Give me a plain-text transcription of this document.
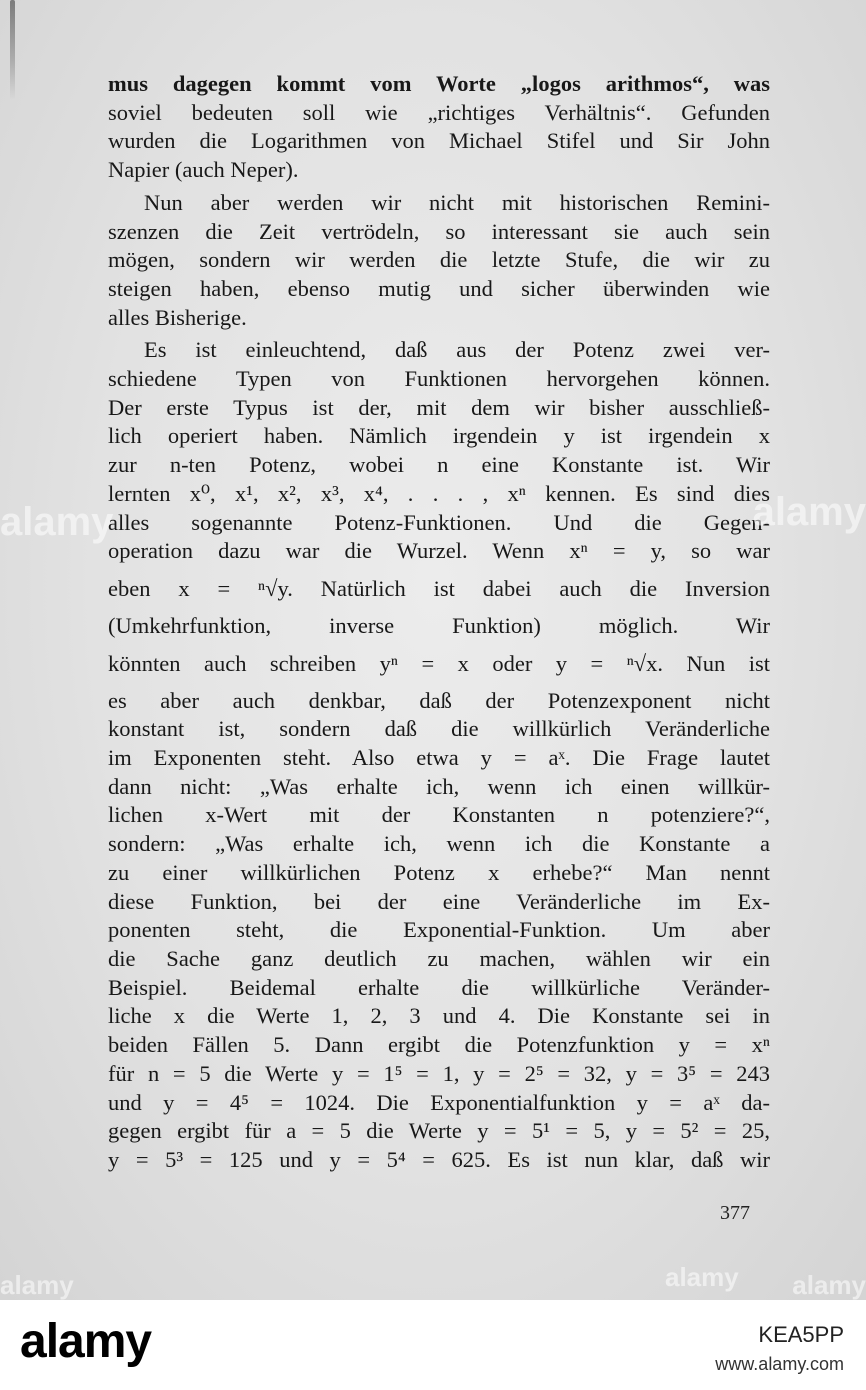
mus dagegen kommt vom Worte „logos arithmos“, was
soviel bedeuten soll wie „richtiges Verhältnis“. Gefunden
wurden die Logarithmen von Michael Stifel und Sir John
Napier (auch Neper).
Nun aber werden wir nicht mit historischen Remini-
szenzen die Zeit vertrödeln, so interessant sie auch sein
mögen, sondern wir werden die letzte Stufe, die wir zu
steigen haben, ebenso mutig und sicher überwinden wie
alles Bisherige.
Es ist einleuchtend, daß aus der Potenz zwei ver-
schiedene Typen von Funktionen hervorgehen können.
Der erste Typus ist der, mit dem wir bisher ausschließ-
lich operiert haben. Nämlich irgendein y ist irgendein x
zur n-ten Potenz, wobei n eine Konstante ist. Wir
lernten x⁰, x¹, x², x³, x⁴, . . . , xⁿ kennen. Es sind dies
alles sogenannte Potenz-Funktionen. Und die Gegen-
operation dazu war die Wurzel. Wenn xⁿ = y, so war
eben x = ⁿ√y. Natürlich ist dabei auch die Inversion
(Umkehrfunktion, inverse Funktion) möglich. Wir
könnten auch schreiben yⁿ = x oder y = ⁿ√x. Nun ist
es aber auch denkbar, daß der Potenzexponent nicht
konstant ist, sondern daß die willkürlich Veränderliche
im Exponenten steht. Also etwa y = aˣ. Die Frage lautet
dann nicht: „Was erhalte ich, wenn ich einen willkür-
lichen x-Wert mit der Konstanten n potenziere?“,
sondern: „Was erhalte ich, wenn ich die Konstante a
zu einer willkürlichen Potenz x erhebe?“ Man nennt
diese Funktion, bei der eine Veränderliche im Ex-
ponenten steht, die Exponential-Funktion. Um aber
die Sache ganz deutlich zu machen, wählen wir ein
Beispiel. Beidemal erhalte die willkürliche Veränder-
liche x die Werte 1, 2, 3 und 4. Die Konstante sei in
beiden Fällen 5. Dann ergibt die Potenzfunktion y = xⁿ
für n = 5 die Werte y = 1⁵ = 1, y = 2⁵ = 32, y = 3⁵ = 243
und y = 4⁵ = 1024. Die Exponentialfunktion y = aˣ da-
gegen ergibt für a = 5 die Werte y = 5¹ = 5, y = 5² = 25,
y = 5³ = 125 und y = 5⁴ = 625. Es ist nun klar, daß wir
377
alamy	alamy
alamy	alamy
alamy
alamy	KEA5PP
www.alamy.com
